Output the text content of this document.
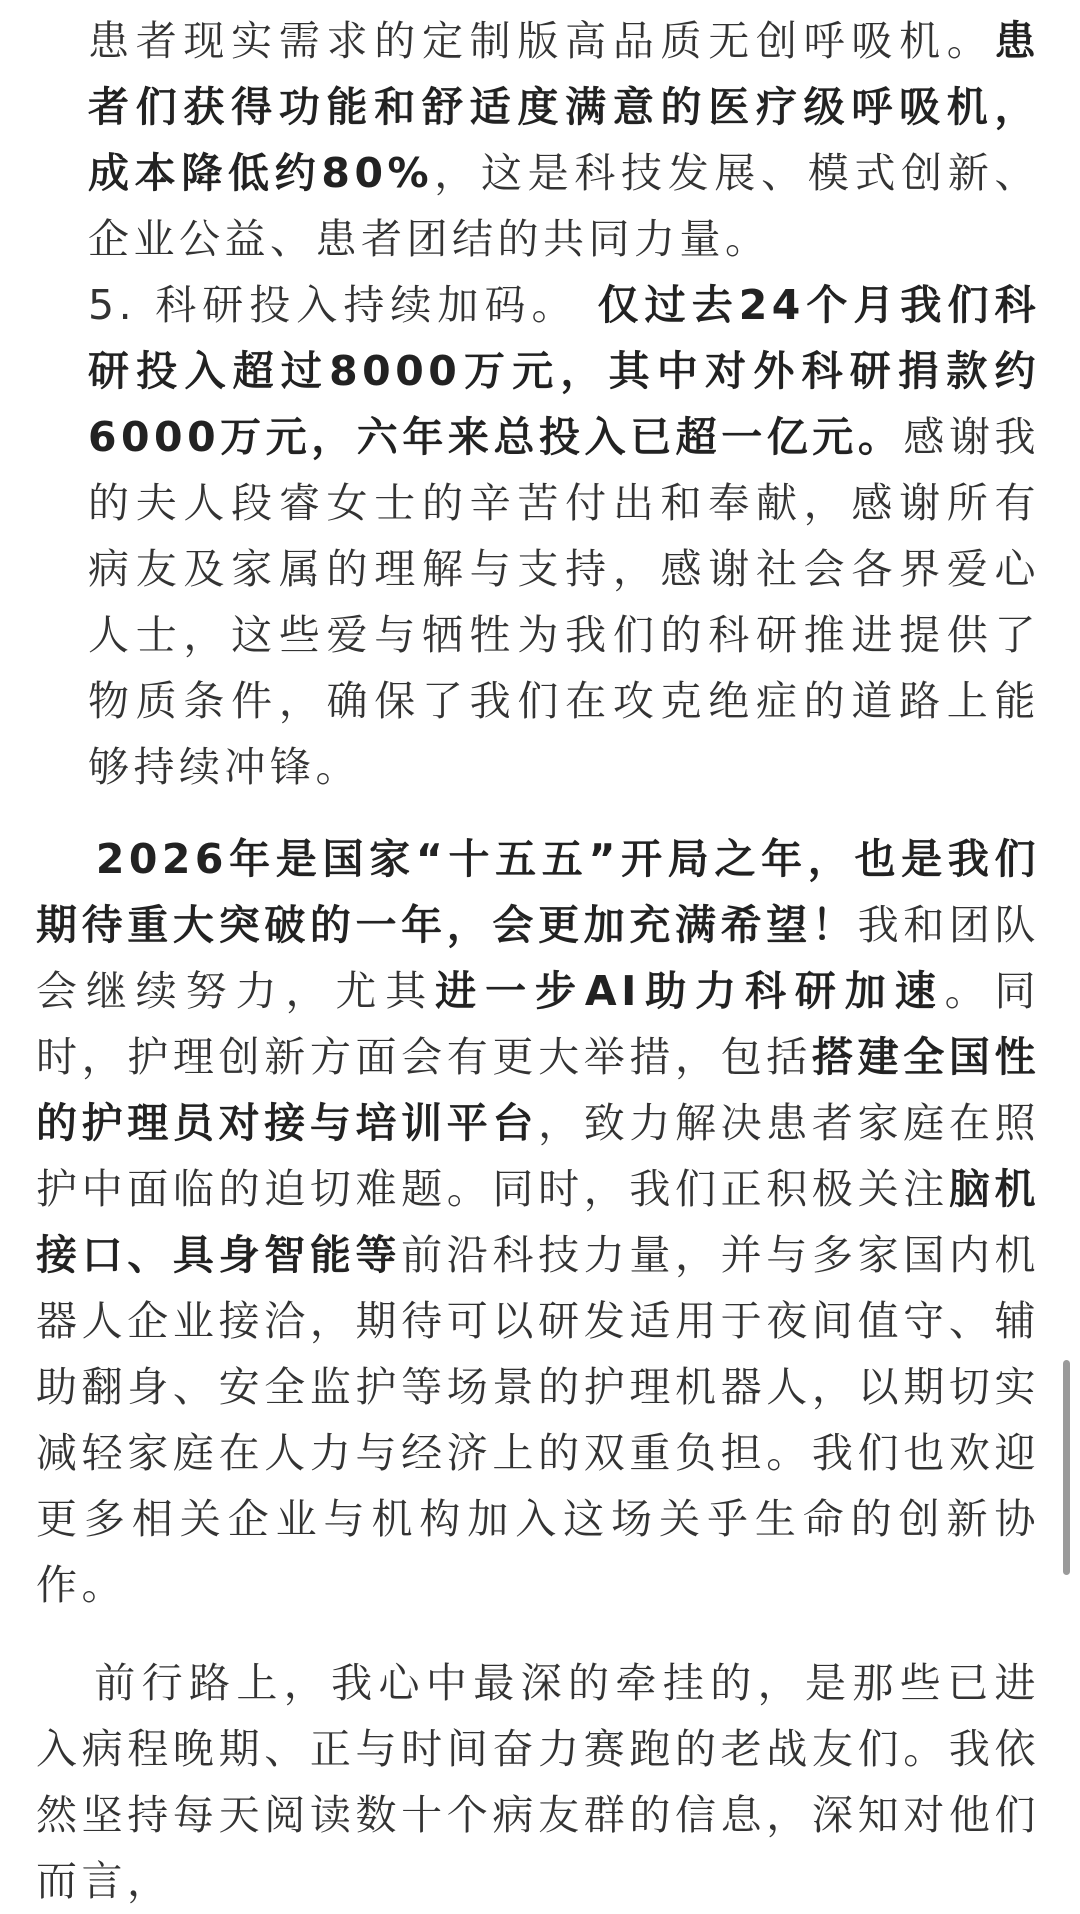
患者现实需求的定制版高品质无创呼吸机。患者们获得功能和舒适度满意的医疗级呼吸机，成本降低约80%，这是科技发展、模式创新、企业公益、患者团结的共同力量。

5. 科研投入持续加码。 仅过去24个月我们科研投入超过8000万元，其中对外科研捐款约6000万元，六年来总投入已超一亿元。感谢我的夫人段睿女士的辛苦付出和奉献，感谢所有病友及家属的理解与支持，感谢社会各界爱心人士，这些爱与牺牲为我们的科研推进提供了物质条件，确保了我们在攻克绝症的道路上能够持续冲锋。

2026年是国家“十五五”开局之年，也是我们期待重大突破的一年，会更加充满希望！我和团队会继续努力，尤其进一步AI助力科研加速。同时，护理创新方面会有更大举措，包括搭建全国性的护理员对接与培训平台，致力解决患者家庭在照护中面临的迫切难题。同时，我们正积极关注脑机接口、具身智能等前沿科技力量，并与多家国内机器人企业接洽，期待可以研发适用于夜间值守、辅助翻身、安全监护等场景的护理机器人，以期切实减轻家庭在人力与经济上的双重负担。我们也欢迎更多相关企业与机构加入这场关乎生命的创新协作。

前行路上，我心中最深的牵挂的，是那些已进入病程晚期、正与时间奋力赛跑的老战友们。我依然坚持每天阅读数十个病友群的信息，深知对他们而言，
